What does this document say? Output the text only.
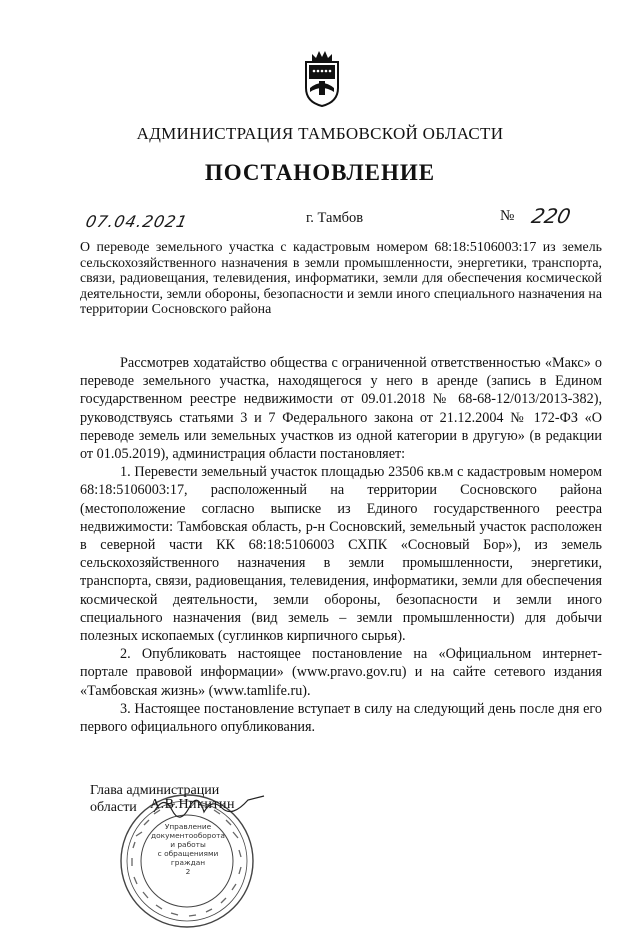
АДМИНИСТРАЦИЯ ТАМБОВСКОЙ ОБЛАСТИ
ПОСТАНОВЛЕНИЕ
07.04.2021	г. Тамбов	№ 220
О переводе земельного участка с кадастровым номером 68:18:5106003:17 из земель сельскохозяйственного назначения в земли промышленности, энергетики, транспорта, связи, радиовещания, телевидения, информатики, земли для обеспечения космической деятельности, земли обороны, безопасности и земли иного специального назначения на территории Сосновского района

Рассмотрев ходатайство общества с ограниченной ответственностью «Макс» о переводе земельного участка, находящегося у него в аренде (запись в Едином государственном реестре недвижимости от 09.01.2018 № 68-68-12/013/2013-382), руководствуясь статьями 3 и 7 Федерального закона от 21.12.2004 № 172-ФЗ «О переводе земель или земельных участков из одной категории в другую» (в редакции от 01.05.2019), администрация области постановляет:

1. Перевести земельный участок площадью 23506 кв.м с кадастровым номером 68:18:5106003:17, расположенный на территории Сосновского района (местоположение согласно выписке из Единого государственного реестра недвижимости: Тамбовская область, р-н Сосновский, земельный участок расположен в северной части КК 68:18:5106003 СХПК «Сосновый Бор»), из земель сельскохозяйственного назначения в земли промышленности, энергетики, транспорта, связи, радиовещания, телевидения, информатики, земли для обеспечения космической деятельности, земли обороны, безопасности и земли иного специального назначения (вид земель – земли промышленности) для добычи полезных ископаемых (суглинков кирпичного сырья).

2. Опубликовать настоящее постановление на «Официальном интернет-портале правовой информации» (www.pravo.gov.ru) и на сайте сетевого издания «Тамбовская жизнь» (www.tamlife.ru).

3. Настоящее постановление вступает в силу на следующий день после дня его первого официального опубликования.

Управление
документооборота
и работы
с обращениями
граждан
2
Глава администрации
области А.В.Никитин
